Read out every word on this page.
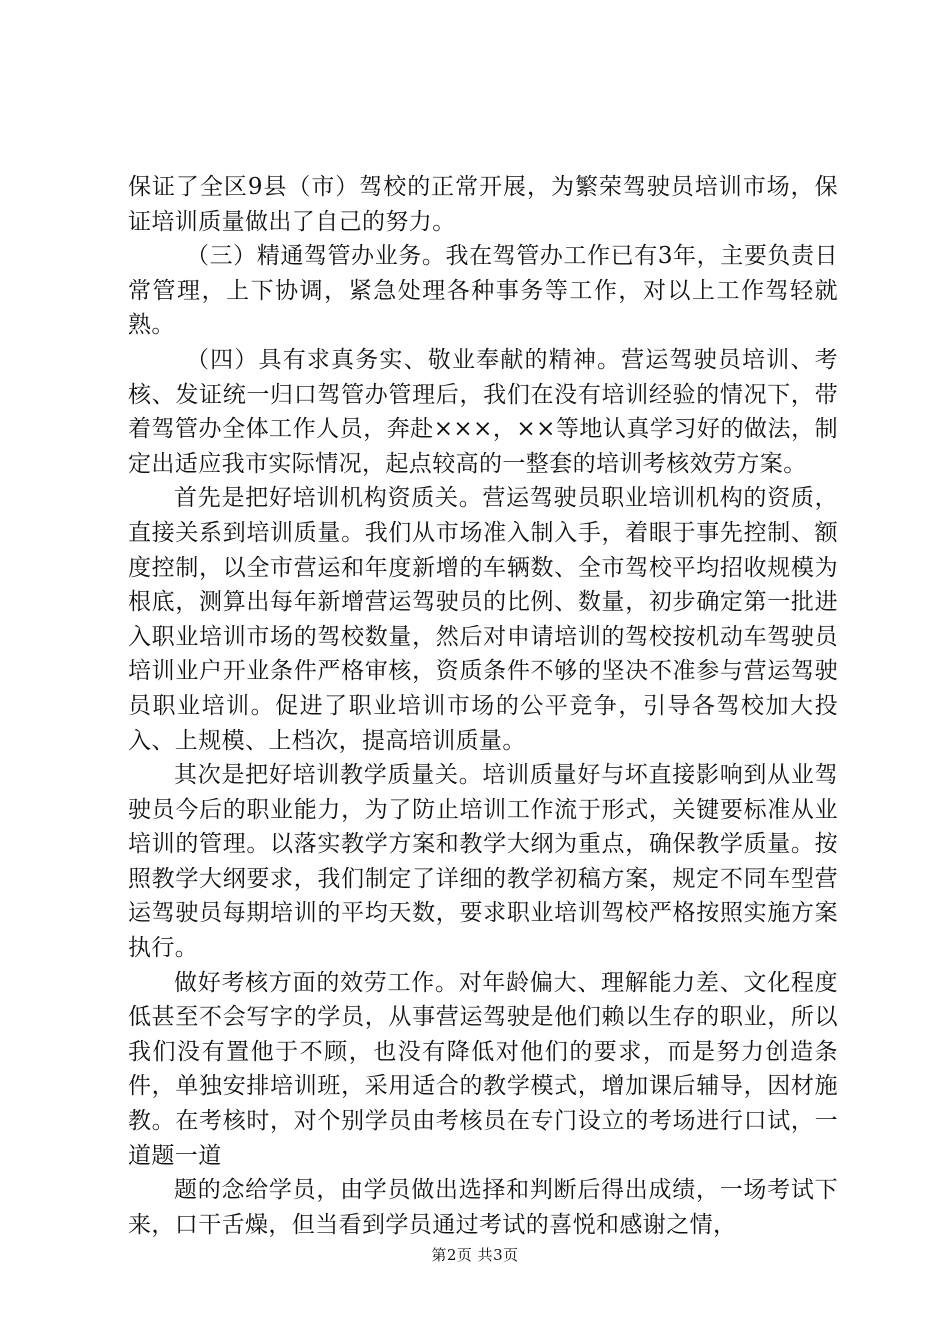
保证了全区9县（市）驾校的正常开展，为繁荣驾驶员培训市场，保证培训质量做出了自己的努力。

（三）精通驾管办业务。我在驾管办工作已有3年，主要负责日常管理，上下协调，紧急处理各种事务等工作，对以上工作驾轻就熟。

（四）具有求真务实、敬业奉献的精神。营运驾驶员培训、考核、发证统一归口驾管办管理后，我们在没有培训经验的情况下，带着驾管办全体工作人员，奔赴×××，××等地认真学习好的做法，制定出适应我市实际情况，起点较高的一整套的培训考核效劳方案。

首先是把好培训机构资质关。营运驾驶员职业培训机构的资质，直接关系到培训质量。我们从市场准入制入手，着眼于事先控制、额度控制，以全市营运和年度新增的车辆数、全市驾校平均招收规模为根底，测算出每年新增营运驾驶员的比例、数量，初步确定第一批进入职业培训市场的驾校数量，然后对申请培训的驾校按机动车驾驶员培训业户开业条件严格审核，资质条件不够的坚决不准参与营运驾驶员职业培训。促进了职业培训市场的公平竞争，引导各驾校加大投入、上规模、上档次，提高培训质量。

其次是把好培训教学质量关。培训质量好与坏直接影响到从业驾驶员今后的职业能力，为了防止培训工作流于形式，关键要标准从业培训的管理。以落实教学方案和教学大纲为重点，确保教学质量。按照教学大纲要求，我们制定了详细的教学初稿方案，规定不同车型营运驾驶员每期培训的平均天数，要求职业培训驾校严格按照实施方案执行。

做好考核方面的效劳工作。对年龄偏大、理解能力差、文化程度低甚至不会写字的学员，从事营运驾驶是他们赖以生存的职业，所以我们没有置他于不顾，也没有降低对他们的要求，而是努力创造条件，单独安排培训班，采用适合的教学模式，增加课后辅导，因材施教。在考核时，对个别学员由考核员在专门设立的考场进行口试，一道题一道

题的念给学员，由学员做出选择和判断后得出成绩，一场考试下来，口干舌燥，但当看到学员通过考试的喜悦和感谢之情，

第2页 共3页
